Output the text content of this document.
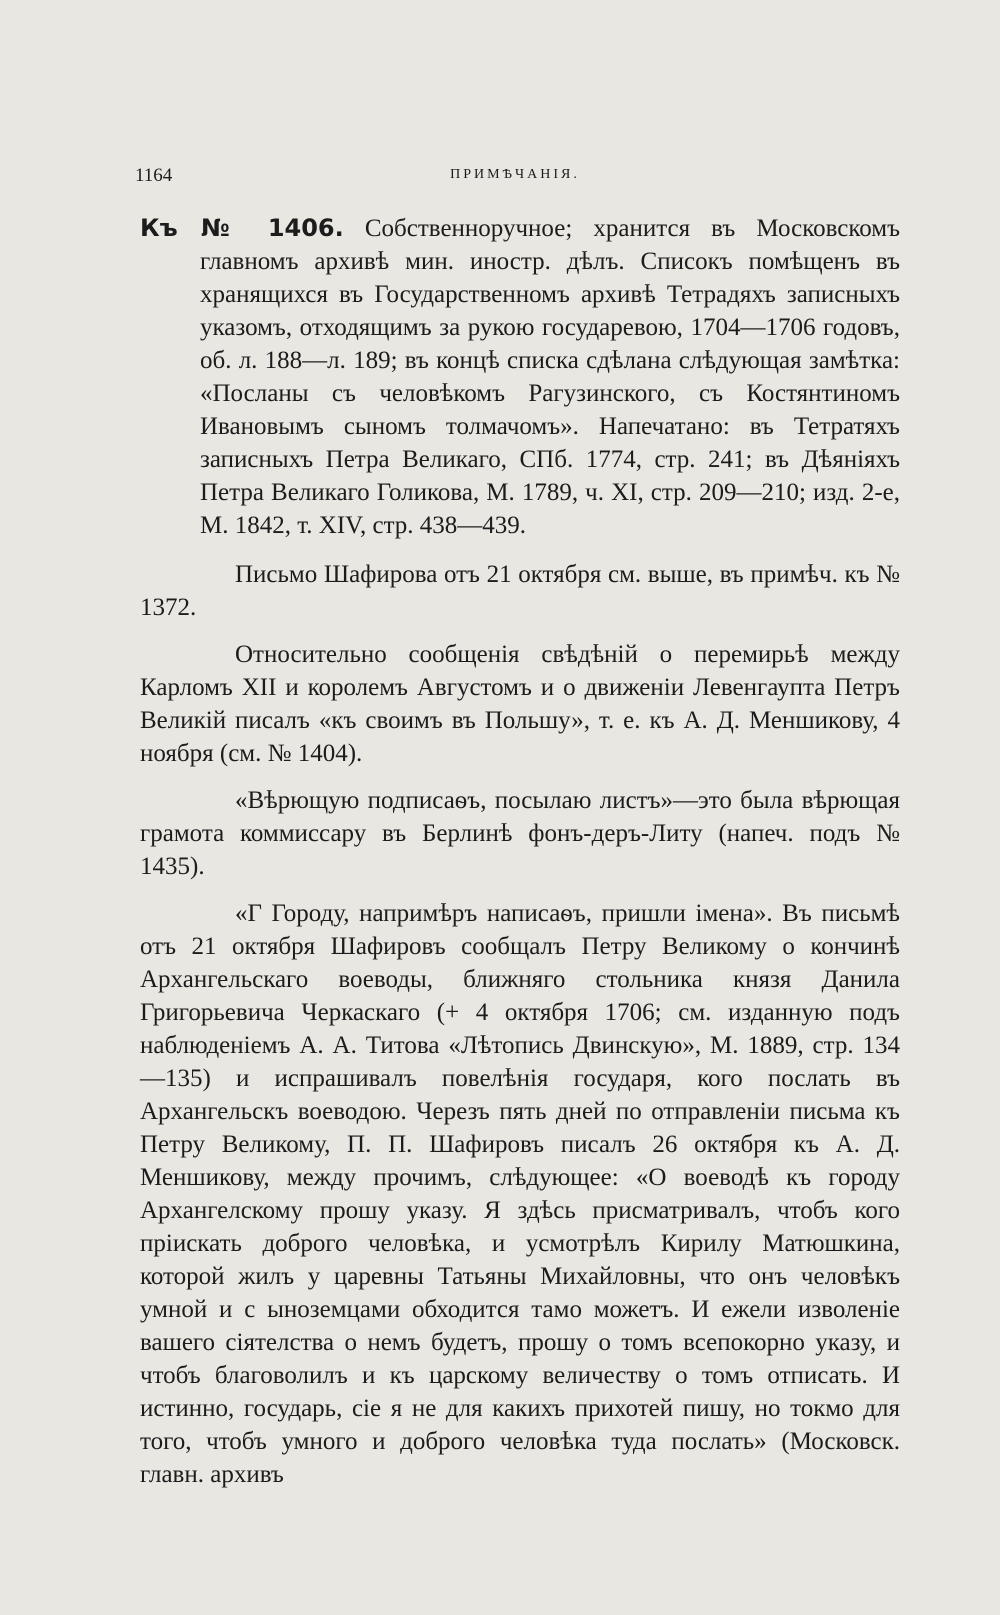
1164	ПРИМѢЧАНІЯ.

Къ № 1406. Собственноручное; хранится въ Московскомъ главномъ архивѣ мин. иностр. дѣлъ. Списокъ помѣщенъ въ хранящихся въ Государственномъ архивѣ Тетрадяхъ записныхъ указомъ, отходящимъ за рукою государевою, 1704—1706 годовъ, об. л. 188—л. 189; въ концѣ списка сдѣлана слѣдующая замѣтка: «Посланы съ человѣкомъ Рагузинского, съ Костянтиномъ Ивановымъ сыномъ толмачомъ». Напечатано: въ Тетратяхъ записныхъ Петра Великаго, СПб. 1774, стр. 241; въ Дѣяніяхъ Петра Великаго Голикова, М. 1789, ч. XI, стр. 209—210; изд. 2-е, М. 1842, т. XIV, стр. 438—439.

Письмо Шафирова отъ 21 октября см. выше, въ примѣч. къ № 1372.

Относительно сообщенія свѣдѣній о перемирьѣ между Карломъ XII и королемъ Августомъ и о движеніи Левенгаупта Петръ Великій писалъ «къ своимъ въ Польшу», т. е. къ А. Д. Меншикову, 4 ноября (см. № 1404).

«Вѣрющую подписаѳъ, посылаю листъ»—это была вѣрющая грамота коммиссару въ Берлинѣ фонъ-деръ-Литу (напеч. подъ № 1435).

«Г Городу, напримѣръ написаѳъ, пришли імена». Въ письмѣ отъ 21 октября Шафировъ сообщалъ Петру Великому о кончинѣ Архангельскаго воеводы, ближняго стольника князя Данила Григорьевича Черкаскаго (+ 4 октября 1706; см. изданную подъ наблюденіемъ А. А. Титова «Лѣтопись Двинскую», М. 1889, стр. 134—135) и испрашивалъ повелѣнія государя, кого послать въ Архангельскъ воеводою. Черезъ пять дней по отправленіи письма къ Петру Великому, П. П. Шафировъ писалъ 26 октября къ А. Д. Меншикову, между прочимъ, слѣдующее: «О воеводѣ къ городу Архангелскому прошу указу. Я здѣсь присматривалъ, чтобъ кого пріискать доброго человѣка, и усмотрѣлъ Кирилу Матюшкина, которой жилъ у царевны Татьяны Михайловны, что онъ человѣкъ умной и с ыноземцами обходится тамо можетъ. И ежели изволеніе вашего сіятелства о немъ будетъ, прошу о томъ всепокорно указу, и чтобъ благоволилъ и къ царскому величеству о томъ отписать. И истинно, государь, сіе я не для какихъ прихотей пишу, но токмо для того, чтобъ умного и доброго человѣка туда послать» (Московск. главн. архивъ
